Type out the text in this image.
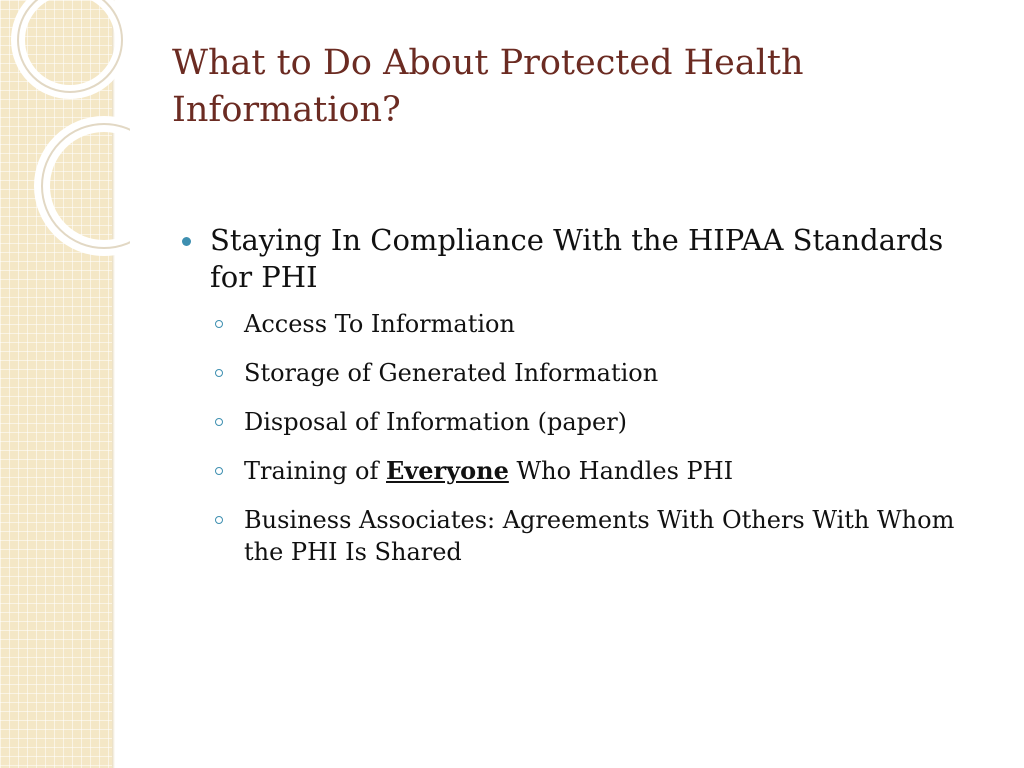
What to Do About Protected Health Information?
Staying In Compliance With the HIPAA Standards for PHI
Access To Information
Storage of Generated Information
Disposal of Information (paper)
Training of Everyone Who Handles PHI
Business Associates: Agreements With Others With Whom the PHI Is Shared
